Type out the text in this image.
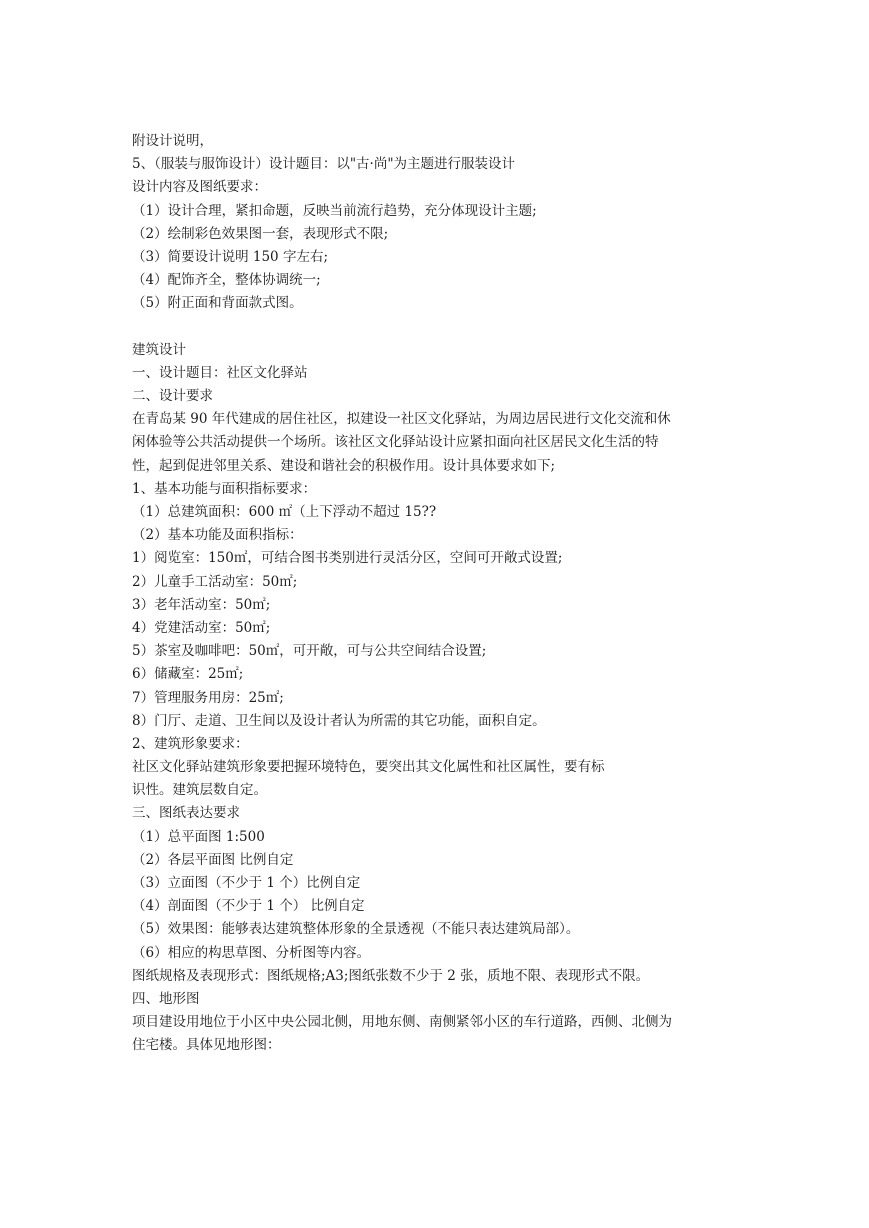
附设计说明，
5、（服装与服饰设计）设计题目：以"古·尚"为主题进行服装设计
设计内容及图纸要求：
（1）设计合理，紧扣命题，反映当前流行趋势，充分体现设计主题;
（2）绘制彩色效果图一套，表现形式不限;
（3）简要设计说明 150 字左右;
（4）配饰齐全，整体协调统一;
（5）附正面和背面款式图。
建筑设计
一、设计题目：社区文化驿站
二、设计要求
在青岛某 90 年代建成的居住社区，拟建设一社区文化驿站，为周边居民进行文化交流和休
闲体验等公共活动提供一个场所。该社区文化驿站设计应紧扣面向社区居民文化生活的特
性，起到促进邻里关系、建设和谐社会的积极作用。设计具体要求如下;
1、基本功能与面积指标要求：
（1）总建筑面积：600 ㎡（上下浮动不超过 15??
（2）基本功能及面积指标：
1）阅览室：150㎡，可结合图书类别进行灵活分区，空间可开敞式设置;
2）儿童手工活动室：50㎡;
3）老年活动室：50㎡;
4）党建活动室：50㎡;
5）茶室及咖啡吧：50㎡，可开敞，可与公共空间结合设置;
6）储藏室：25㎡;
7）管理服务用房：25㎡;
8）门厅、走道、卫生间以及设计者认为所需的其它功能，面积自定。
2、建筑形象要求：
社区文化驿站建筑形象要把握环境特色，要突出其文化属性和社区属性，要有标
识性。建筑层数自定。
三、图纸表达要求
（1）总平面图 1:500
（2）各层平面图 比例自定
（3）立面图（不少于 1 个）比例自定
（4）剖面图（不少于 1 个） 比例自定
（5）效果图：能够表达建筑整体形象的全景透视（不能只表达建筑局部）。
（6）相应的构思草图、分析图等内容。
图纸规格及表现形式：图纸规格;A3;图纸张数不少于 2 张，质地不限、表现形式不限。
四、地形图
项目建设用地位于小区中央公园北侧，用地东侧、南侧紧邻小区的车行道路，西侧、北侧为
住宅楼。具体见地形图：
